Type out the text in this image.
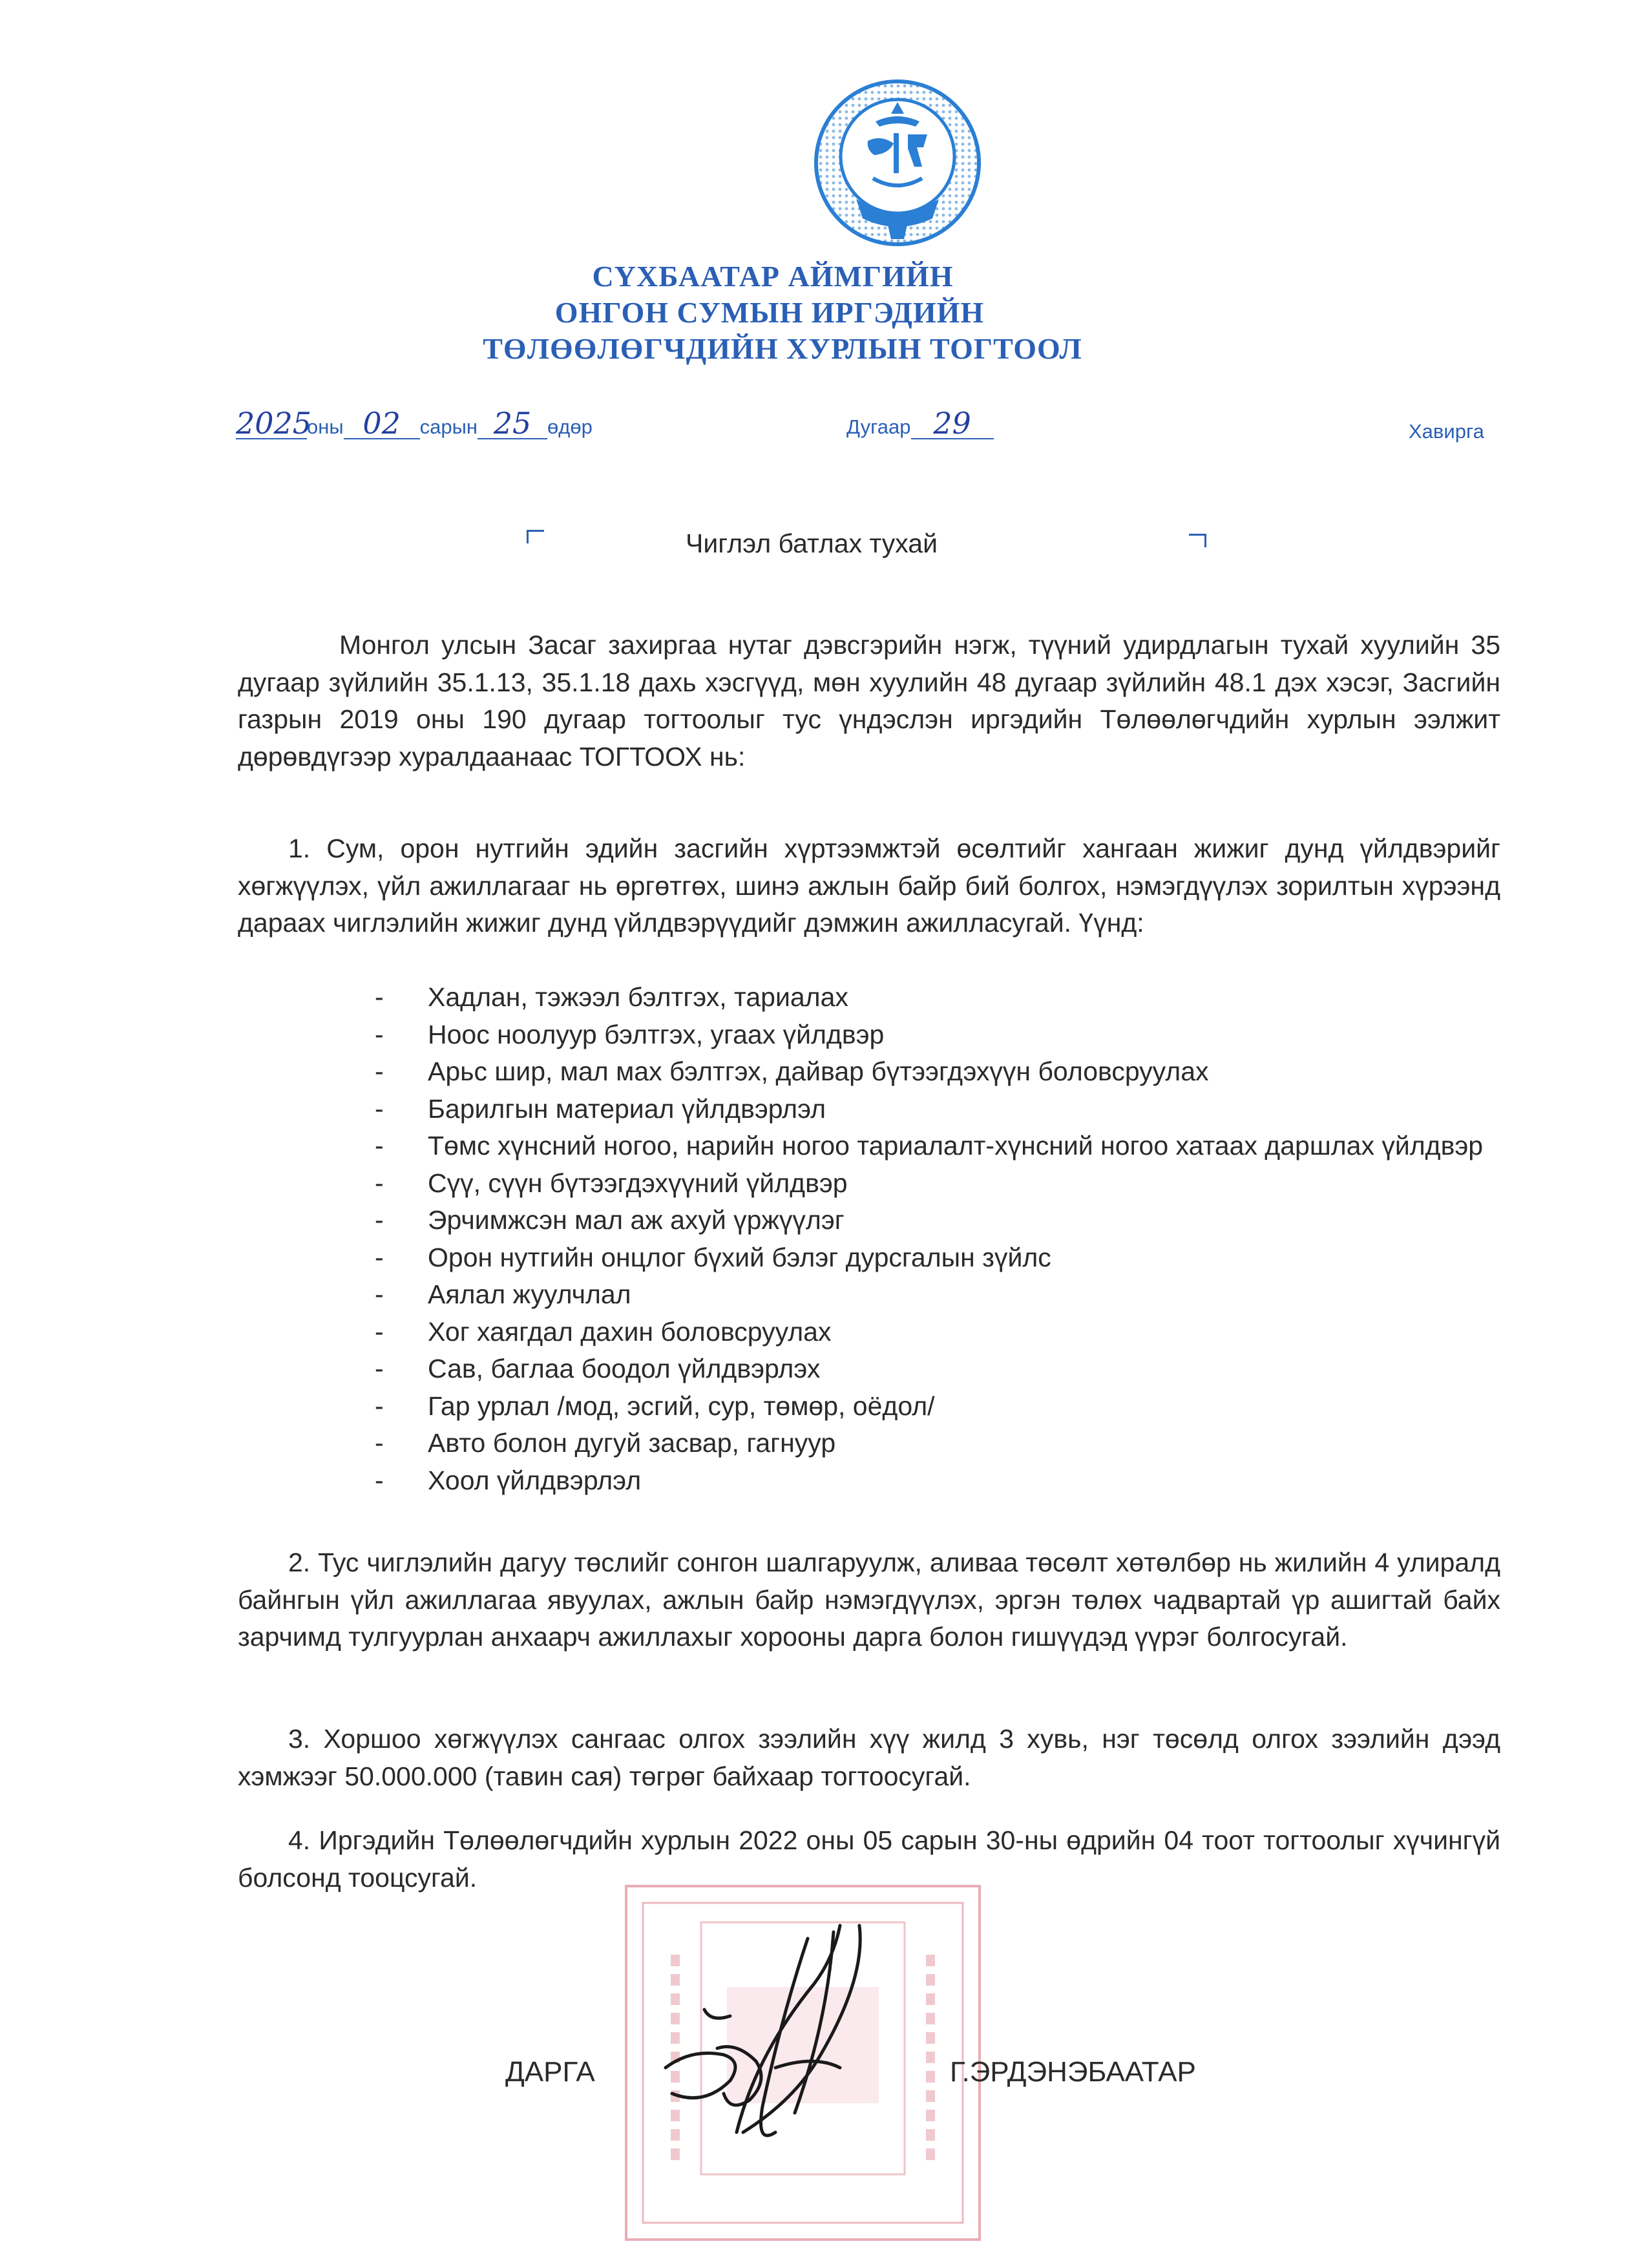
СҮХБААТАР АЙМГИЙН
ОНГОН СУМЫН ИРГЭДИЙН
ТӨЛӨӨЛӨГЧДИЙН ХУРЛЫН ТОГТООЛ
2025оны 02 сарын 25 өдөр	Дугаар 29	Хавирга
Чиглэл батлах тухай
Монгол улсын Засаг захиргаа нутаг дэвсгэрийн нэгж, түүний удирдлагын тухай хуулийн 35 дугаар зүйлийн 35.1.13, 35.1.18 дахь хэсгүүд, мөн хуулийн 48 дугаар зүйлийн 48.1 дэх хэсэг, Засгийн газрын 2019 оны 190 дугаар тогтоолыг тус үндэслэн иргэдийн Төлөөлөгчдийн хурлын ээлжит дөрөвдүгээр хуралдаанаас ТОГТООХ нь:
1. Сум, орон нутгийн эдийн засгийн хүртээмжтэй өсөлтийг хангаан жижиг дунд үйлдвэрийг хөгжүүлэх, үйл ажиллагааг нь өргөтгөх, шинэ ажлын байр бий болгох, нэмэгдүүлэх зорилтын хүрээнд дараах чиглэлийн жижиг дунд үйлдвэрүүдийг дэмжин ажилласугай. Үүнд:
- Хадлан, тэжээл бэлтгэх, тариалах
- Ноос ноолуур бэлтгэх, угаах үйлдвэр
- Арьс шир, мал мах бэлтгэх, дайвар бүтээгдэхүүн боловсруулах
- Барилгын материал үйлдвэрлэл
- Төмс хүнсний ногоо, нарийн ногоо тариалалт-хүнсний ногоо хатаах даршлах үйлдвэр
- Сүү, сүүн бүтээгдэхүүний үйлдвэр
- Эрчимжсэн мал аж ахуй үржүүлэг
- Орон нутгийн онцлог бүхий бэлэг дурсгалын зүйлс
- Аялал жуулчлал
- Хог хаягдал дахин боловсруулах
- Сав, баглаа боодол үйлдвэрлэх
- Гар урлал /мод, эсгий, сур, төмөр, оёдол/
- Авто болон дугуй засвар, гагнуур
- Хоол үйлдвэрлэл
2. Тус чиглэлийн дагуу төслийг сонгон шалгаруулж, аливаа төсөлт хөтөлбөр нь жилийн 4 улиралд байнгын үйл ажиллагаа явуулах, ажлын байр нэмэгдүүлэх, эргэн төлөх чадвартай үр ашигтай байх зарчимд тулгуурлан анхаарч ажиллахыг хорооны дарга болон гишүүдэд үүрэг болгосугай.
3. Хоршоо хөгжүүлэх сангаас олгох зээлийн хүү жилд 3 хувь, нэг төсөлд олгох зээлийн дээд хэмжээг 50.000.000 (тавин сая) төгрөг байхаар тогтоосугай.
4. Иргэдийн Төлөөлөгчдийн хурлын 2022 оны 05 сарын 30-ны өдрийн 04 тоот тогтоолыг хүчингүй болсонд тооцсугай.
ДАРГА	Г.ЭРДЭНЭБААТАР
